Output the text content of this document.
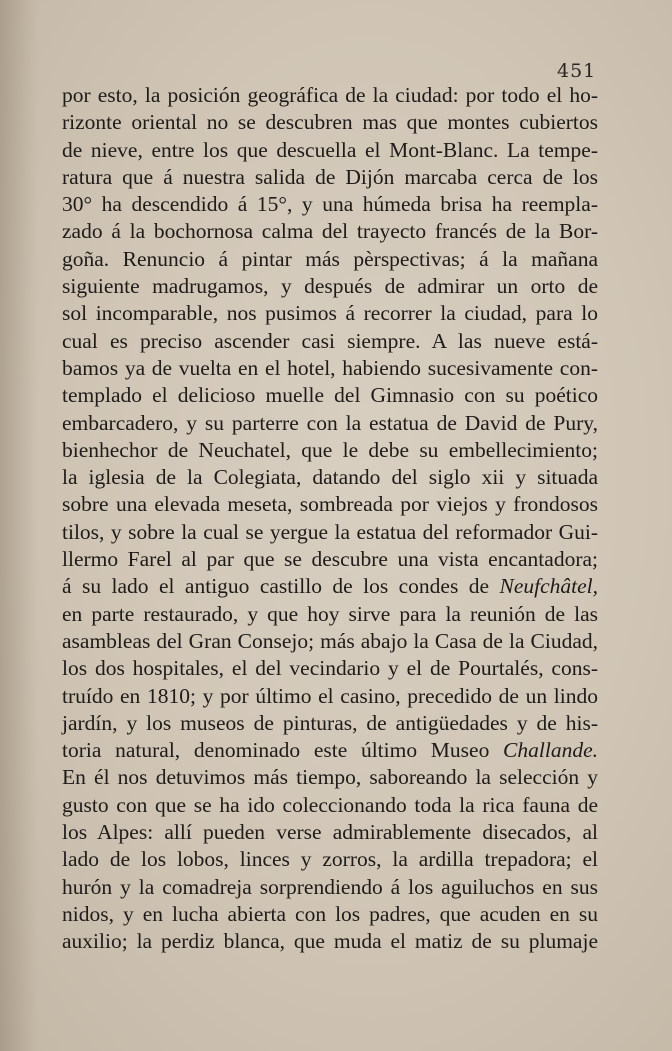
451
por esto, la posición geográfica de la ciudad: por todo el ho-
rizonte oriental no se descubren mas que montes cubiertos
de nieve, entre los que descuella el Mont-Blanc. La tempe-
ratura que á nuestra salida de Dijón marcaba cerca de los
30° ha descendido á 15°, y una húmeda brisa ha reempla-
zado á la bochornosa calma del trayecto francés de la Bor-
goña. Renuncio á pintar más pèrspectivas; á la mañana
siguiente madrugamos, y después de admirar un orto de
sol incomparable, nos pusimos á recorrer la ciudad, para lo
cual es preciso ascender casi siempre. A las nueve está-
bamos ya de vuelta en el hotel, habiendo sucesivamente con-
templado el delicioso muelle del Gimnasio con su poético
embarcadero, y su parterre con la estatua de David de Pury,
bienhechor de Neuchatel, que le debe su embellecimiento;
la iglesia de la Colegiata, datando del siglo xii y situada
sobre una elevada meseta, sombreada por viejos y frondosos
tilos, y sobre la cual se yergue la estatua del reformador Gui-
llermo Farel al par que se descubre una vista encantadora;
á su lado el antiguo castillo de los condes de Neufchâtel,
en parte restaurado, y que hoy sirve para la reunión de las
asambleas del Gran Consejo; más abajo la Casa de la Ciudad,
los dos hospitales, el del vecindario y el de Pourtalés, cons-
truído en 1810; y por último el casino, precedido de un lindo
jardín, y los museos de pinturas, de antigüedades y de his-
toria natural, denominado este último Museo Challande.
En él nos detuvimos más tiempo, saboreando la selección y
gusto con que se ha ido coleccionando toda la rica fauna de
los Alpes: allí pueden verse admirablemente disecados, al
lado de los lobos, linces y zorros, la ardilla trepadora; el
hurón y la comadreja sorprendiendo á los aguiluchos en sus
nidos, y en lucha abierta con los padres, que acuden en su
auxilio; la perdiz blanca, que muda el matiz de su plumaje
